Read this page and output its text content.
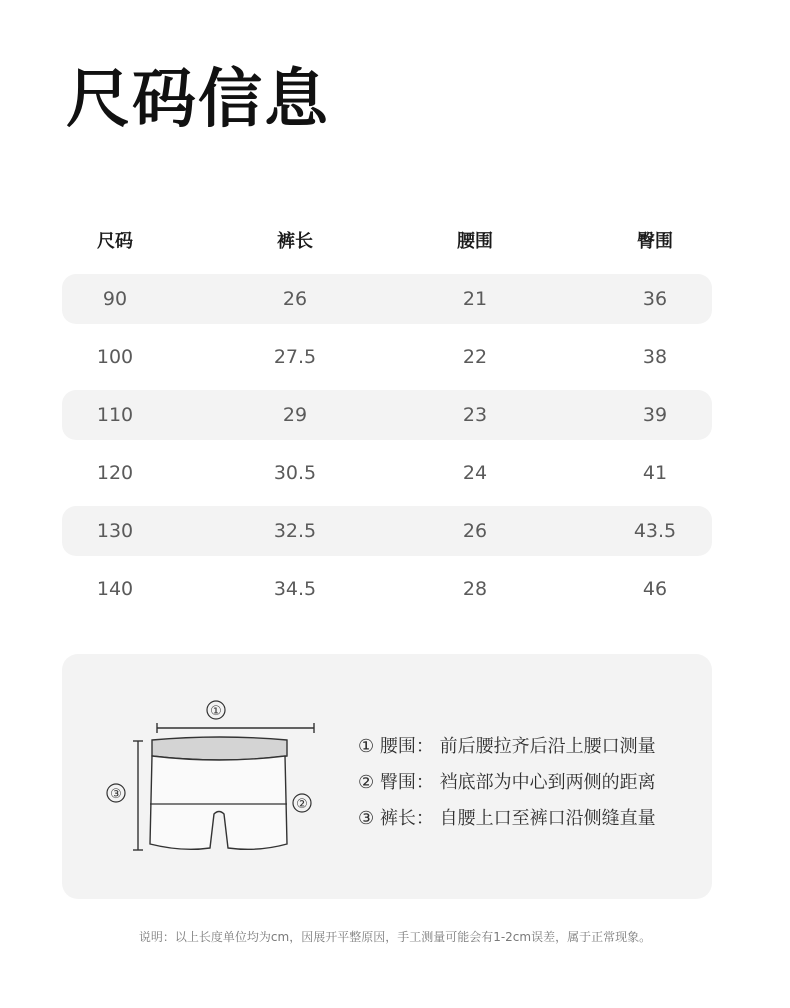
尺码信息
尺码	裤长	腰围	臀围
90	26	21	36
100	27.5	22	38
110	29	23	39
120	30.5	24	41
130	32.5	26	43.5
140	34.5	28	46
①
③
②
① 腰围： 前后腰拉齐后沿上腰口测量
② 臀围： 裆底部为中心到两侧的距离
③ 裤长： 自腰上口至裤口沿侧缝直量
说明：以上长度单位均为cm，因展开平整原因，手工测量可能会有1-2cm误差，属于正常现象。
